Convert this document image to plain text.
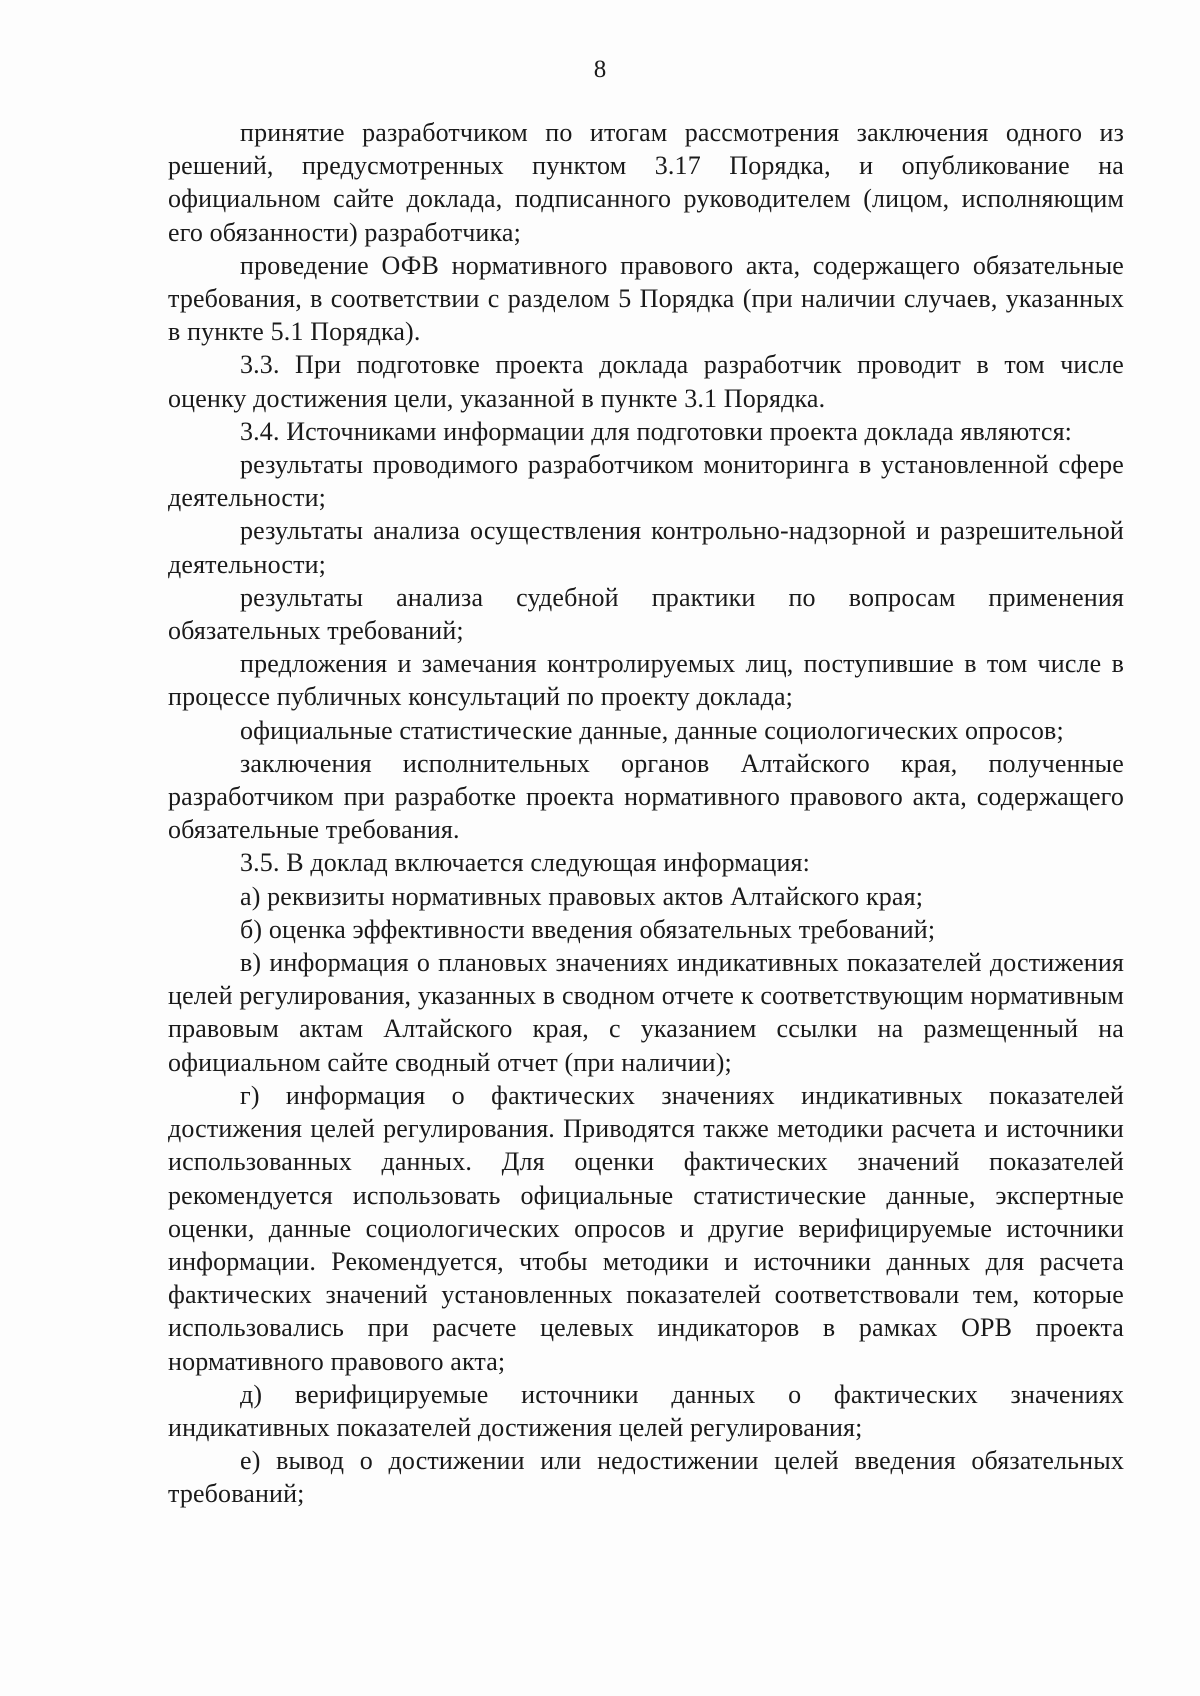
8

принятие разработчиком по итогам рассмотрения заключения одного из решений, предусмотренных пунктом 3.17 Порядка, и опубликование на официальном сайте доклада, подписанного руководителем (лицом, исполняющим его обязанности) разработчика;

проведение ОФВ нормативного правового акта, содержащего обязательные требования, в соответствии с разделом 5 Порядка (при наличии случаев, указанных в пункте 5.1 Порядка).

3.3. При подготовке проекта доклада разработчик проводит в том числе оценку достижения цели, указанной в пункте 3.1 Порядка.

3.4. Источниками информации для подготовки проекта доклада являются:

результаты проводимого разработчиком мониторинга в установленной сфере деятельности;

результаты анализа осуществления контрольно-надзорной и разрешительной деятельности;

результаты анализа судебной практики по вопросам применения обязательных требований;

предложения и замечания контролируемых лиц, поступившие в том числе в процессе публичных консультаций по проекту доклада;

официальные статистические данные, данные социологических опросов;

заключения исполнительных органов Алтайского края, полученные разработчиком при разработке проекта нормативного правового акта, содержащего обязательные требования.

3.5. В доклад включается следующая информация:

а) реквизиты нормативных правовых актов Алтайского края;

б) оценка эффективности введения обязательных требований;

в) информация о плановых значениях индикативных показателей достижения целей регулирования, указанных в сводном отчете к соответствующим нормативным правовым актам Алтайского края, с указанием ссылки на размещенный на официальном сайте сводный отчет (при наличии);

г) информация о фактических значениях индикативных показателей достижения целей регулирования. Приводятся также методики расчета и источники использованных данных. Для оценки фактических значений показателей рекомендуется использовать официальные статистические данные, экспертные оценки, данные социологических опросов и другие верифицируемые источники информации. Рекомендуется, чтобы методики и источники данных для расчета фактических значений установленных показателей соответствовали тем, которые использовались при расчете целевых индикаторов в рамках ОРВ проекта нормативного правового акта;

д) верифицируемые источники данных о фактических значениях индикативных показателей достижения целей регулирования;

е) вывод о достижении или недостижении целей введения обязательных требований;
